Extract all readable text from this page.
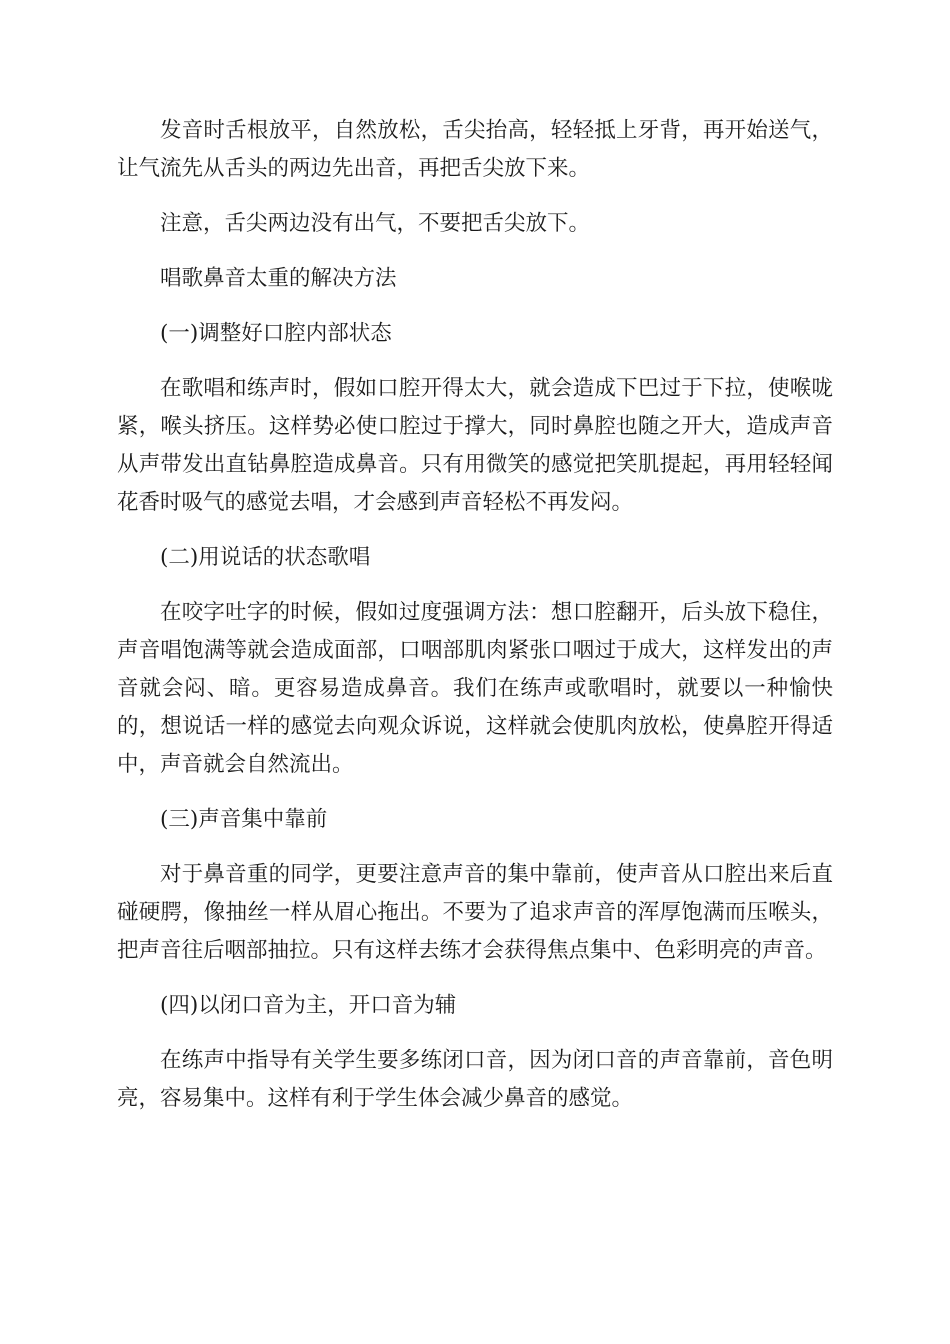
发音时舌根放平，自然放松，舌尖抬高，轻轻抵上牙背，再开始送气，让气流先从舌头的两边先出音，再把舌尖放下来。

注意，舌尖两边没有出气，不要把舌尖放下。

唱歌鼻音太重的解决方法

(一)调整好口腔内部状态

在歌唱和练声时，假如口腔开得太大，就会造成下巴过于下拉，使喉咙紧，喉头挤压。这样势必使口腔过于撑大，同时鼻腔也随之开大，造成声音从声带发出直钻鼻腔造成鼻音。只有用微笑的感觉把笑肌提起，再用轻轻闻花香时吸气的感觉去唱，才会感到声音轻松不再发闷。

(二)用说话的状态歌唱

在咬字吐字的时候，假如过度强调方法：想口腔翻开，后头放下稳住，声音唱饱满等就会造成面部，口咽部肌肉紧张口咽过于成大，这样发出的声音就会闷、暗。更容易造成鼻音。我们在练声或歌唱时，就要以一种愉快的，想说话一样的感觉去向观众诉说，这样就会使肌肉放松，使鼻腔开得适中，声音就会自然流出。

(三)声音集中靠前

对于鼻音重的同学，更要注意声音的集中靠前，使声音从口腔出来后直碰硬腭，像抽丝一样从眉心拖出。不要为了追求声音的浑厚饱满而压喉头，把声音往后咽部抽拉。只有这样去练才会获得焦点集中、色彩明亮的声音。

(四)以闭口音为主，开口音为辅

在练声中指导有关学生要多练闭口音，因为闭口音的声音靠前，音色明亮，容易集中。这样有利于学生体会减少鼻音的感觉。
